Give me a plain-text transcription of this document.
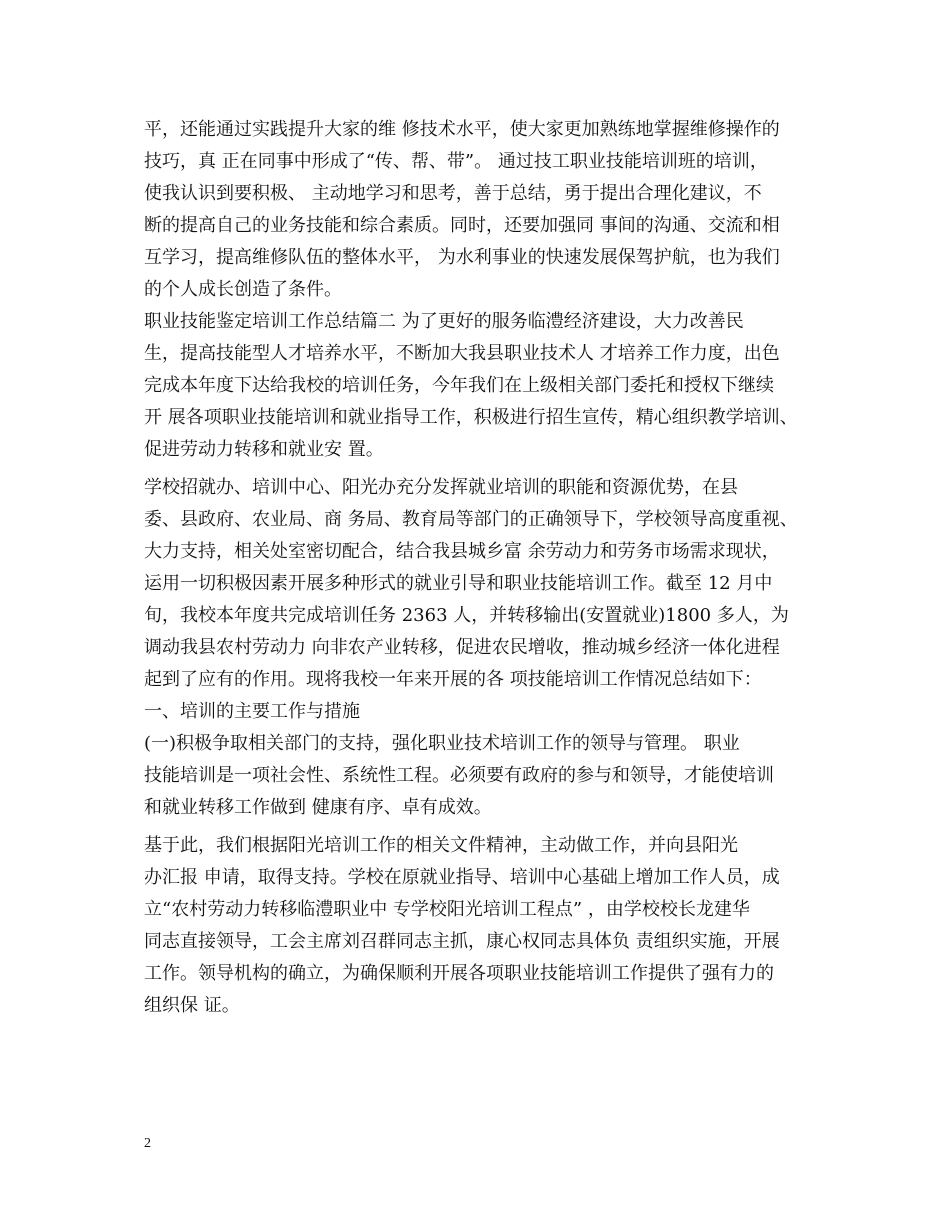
平，还能通过实践提升大家的维 修技术水平，使大家更加熟练地掌握维修操作的
技巧，真 正在同事中形成了“传、帮、带”。 通过技工职业技能培训班的培训，
使我认识到要积极、 主动地学习和思考，善于总结，勇于提出合理化建议，不
断的提高自己的业务技能和综合素质。同时，还要加强同 事间的沟通、交流和相
互学习，提高维修队伍的整体水平， 为水利事业的快速发展保驾护航，也为我们
的个人成长创造了条件。
职业技能鉴定培训工作总结篇二 为了更好的服务临澧经济建设，大力改善民
生，提高技能型人才培养水平，不断加大我县职业技术人 才培养工作力度，出色
完成本年度下达给我校的培训任务，今年我们在上级相关部门委托和授权下继续
开 展各项职业技能培训和就业指导工作，积极进行招生宣传，精心组织教学培训、
促进劳动力转移和就业安 置。
学校招就办、培训中心、阳光办充分发挥就业培训的职能和资源优势，在县
委、县政府、农业局、商 务局、教育局等部门的正确领导下，学校领导高度重视、
大力支持，相关处室密切配合，结合我县城乡富 余劳动力和劳务市场需求现状，
运用一切积极因素开展多种形式的就业引导和职业技能培训工作。截至 12 月中
旬，我校本年度共完成培训任务 2363 人，并转移输出(安置就业)1800 多人，为
调动我县农村劳动力 向非农产业转移，促进农民增收，推动城乡经济一体化进程
起到了应有的作用。现将我校一年来开展的各 项技能培训工作情况总结如下：
一、培训的主要工作与措施
(一)积极争取相关部门的支持，强化职业技术培训工作的领导与管理。 职业
技能培训是一项社会性、系统性工程。必须要有政府的参与和领导，才能使培训
和就业转移工作做到 健康有序、卓有成效。
基于此，我们根据阳光培训工作的相关文件精神，主动做工作，并向县阳光
办汇报 申请，取得支持。学校在原就业指导、培训中心基础上增加工作人员，成
立“农村劳动力转移临澧职业中 专学校阳光培训工程点” ，由学校校长龙建华
同志直接领导，工会主席刘召群同志主抓，康心权同志具体负 责组织实施，开展
工作。领导机构的确立，为确保顺利开展各项职业技能培训工作提供了强有力的
组织保 证。
2
